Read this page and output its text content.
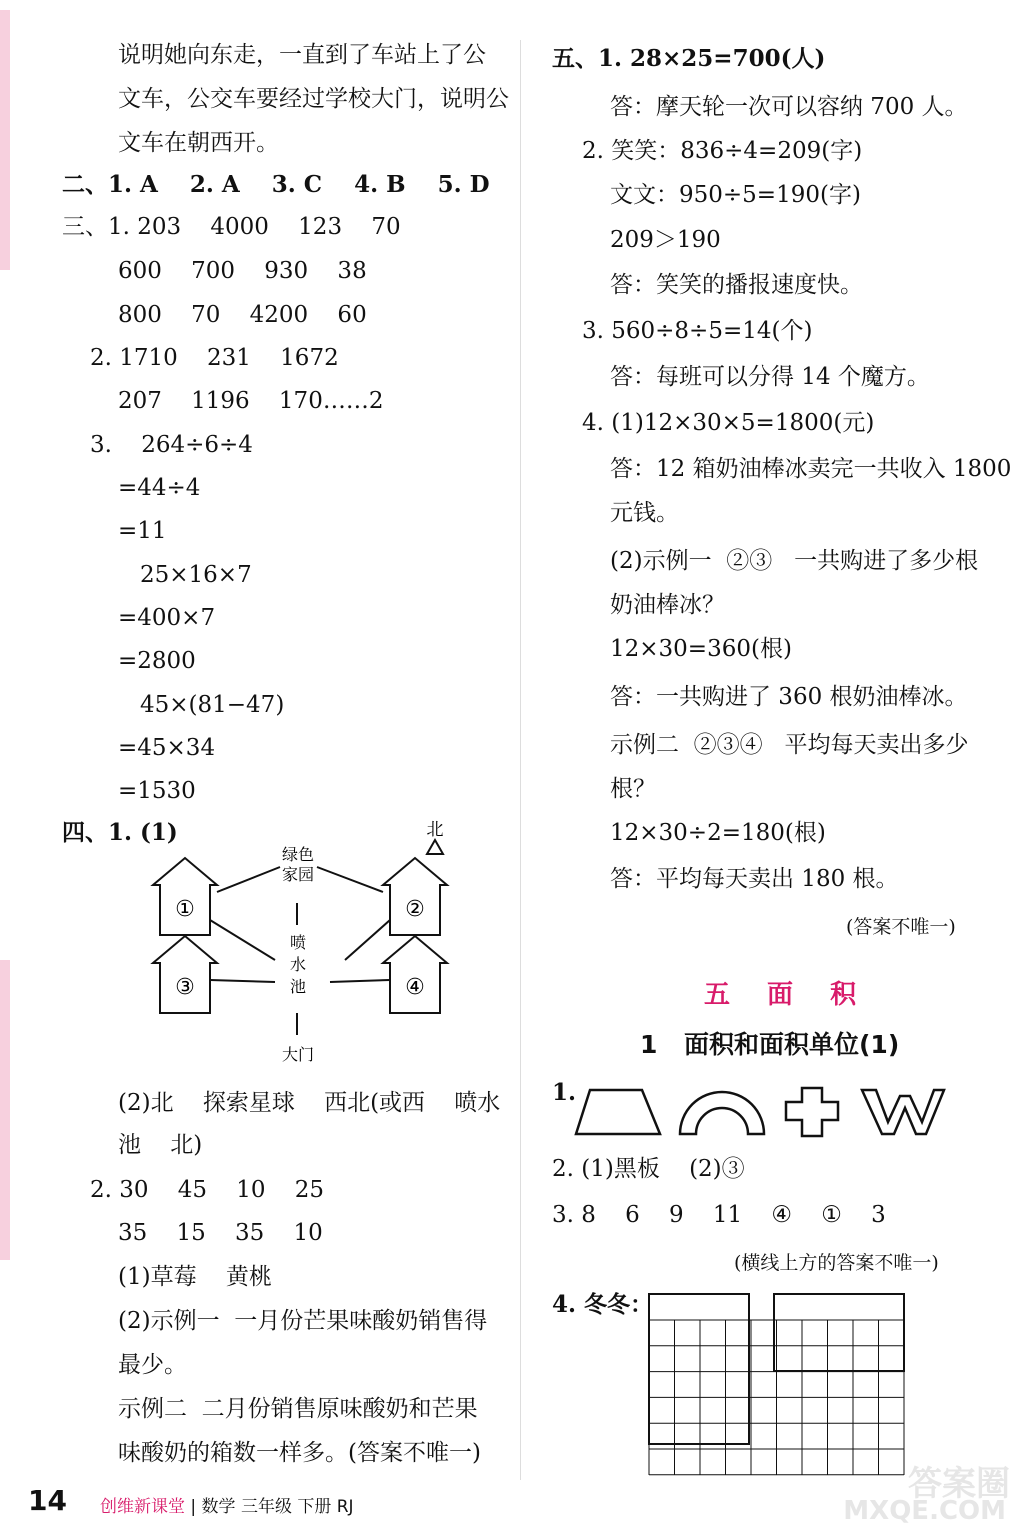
说明她向东走，一直到了车站上了公
文车，公交车要经过学校大门，说明公
文车在朝西开。
二、1. A    2. A    3. C    4. B    5. D
三、1. 203    4000    123    70
600    700    930    38
800    70    4200    60
2. 1710    231    1672
207    1196    170……2
3.    264÷6÷4
=44÷4
=11
25×16×7
=400×7
=2800
45×(81−47)
=45×34
=1530
四、1. (1)	北
绿色家园
喷水池
大门
①	②
③	④
(2)北    探索星球    西北(或西    喷水
池    北)
2. 30    45    10    25
35    15    35    10
(1)草莓    黄桃
(2)示例一  一月份芒果味酸奶销售得
最少。
示例二  二月份销售原味酸奶和芒果
味酸奶的箱数一样多。(答案不唯一)
五、1. 28×25=700(人)
答：摩天轮一次可以容纳 700 人。
2. 笑笑：836÷4=209(字)
文文：950÷5=190(字)
209＞190
答：笑笑的播报速度快。
3. 560÷8÷5=14(个)
答：每班可以分得 14 个魔方。
4. (1)12×30×5=1800(元)
答：12 箱奶油棒冰卖完一共收入 1800
元钱。
(2)示例一  ②③   一共购进了多少根
奶油棒冰？
12×30=360(根)
答：一共购进了 360 根奶油棒冰。
示例二  ②③④   平均每天卖出多少
根？
12×30÷2=180(根)
答：平均每天卖出 180 根。
(答案不唯一)
五 面 积
1 面积和面积单位(1)
1.
2. (1)黑板    (2)③
3. 8    6    9    11    ④    ①    3
(横线上方的答案不唯一)
4. 冬冬：
14 创维新课堂 | 数学 三年级 下册 RJ
答案圈
MXQE.COM
